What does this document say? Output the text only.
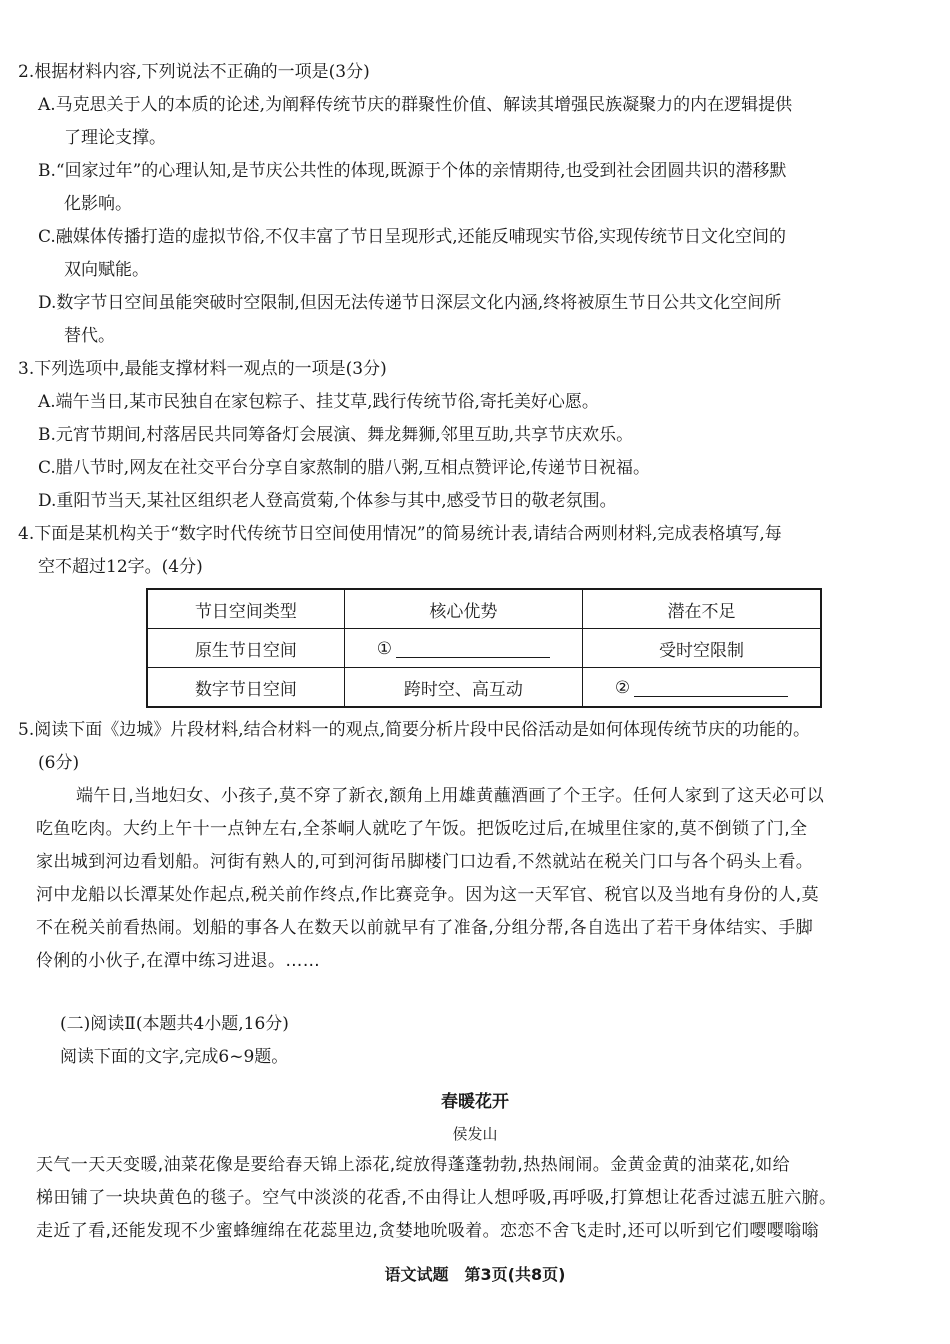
2.根据材料内容,下列说法不正确的一项是(3分)
A.马克思关于人的本质的论述,为阐释传统节庆的群聚性价值、解读其增强民族凝聚力的内在逻辑提供
了理论支撑。
B.“回家过年”的心理认知,是节庆公共性的体现,既源于个体的亲情期待,也受到社会团圆共识的潜移默
化影响。
C.融媒体传播打造的虚拟节俗,不仅丰富了节日呈现形式,还能反哺现实节俗,实现传统节日文化空间的
双向赋能。
D.数字节日空间虽能突破时空限制,但因无法传递节日深层文化内涵,终将被原生节日公共文化空间所
替代。
3.下列选项中,最能支撑材料一观点的一项是(3分)
A.端午当日,某市民独自在家包粽子、挂艾草,践行传统节俗,寄托美好心愿。
B.元宵节期间,村落居民共同筹备灯会展演、舞龙舞狮,邻里互助,共享节庆欢乐。
C.腊八节时,网友在社交平台分享自家熬制的腊八粥,互相点赞评论,传递节日祝福。
D.重阳节当天,某社区组织老人登高赏菊,个体参与其中,感受节日的敬老氛围。
4.下面是某机构关于“数字时代传统节日空间使用情况”的简易统计表,请结合两则材料,完成表格填写,每
空不超过12字。(4分)
节日空间类型	核心优势	潜在不足
原生节日空间	①	受时空限制
数字节日空间	跨时空、高互动	②
5.阅读下面《边城》片段材料,结合材料一的观点,简要分析片段中民俗活动是如何体现传统节庆的功能的。
(6分)
端午日,当地妇女、小孩子,莫不穿了新衣,额角上用雄黄蘸酒画了个王字。任何人家到了这天必可以
吃鱼吃肉。大约上午十一点钟左右,全茶峒人就吃了午饭。把饭吃过后,在城里住家的,莫不倒锁了门,全
家出城到河边看划船。河街有熟人的,可到河街吊脚楼门口边看,不然就站在税关门口与各个码头上看。
河中龙船以长潭某处作起点,税关前作终点,作比赛竞争。因为这一天军官、税官以及当地有身份的人,莫
不在税关前看热闹。划船的事各人在数天以前就早有了准备,分组分帮,各自选出了若干身体结实、手脚
伶俐的小伙子,在潭中练习进退。……
(二)阅读Ⅱ(本题共4小题,16分)
阅读下面的文字,完成6~9题。
春暖花开
侯发山
天气一天天变暖,油菜花像是要给春天锦上添花,绽放得蓬蓬勃勃,热热闹闹。金黄金黄的油菜花,如给
梯田铺了一块块黄色的毯子。空气中淡淡的花香,不由得让人想呼吸,再呼吸,打算想让花香过滤五脏六腑。
走近了看,还能发现不少蜜蜂缠绵在花蕊里边,贪婪地吮吸着。恋恋不舍飞走时,还可以听到它们嘤嘤嗡嗡
语文试题　第3页(共8页)
